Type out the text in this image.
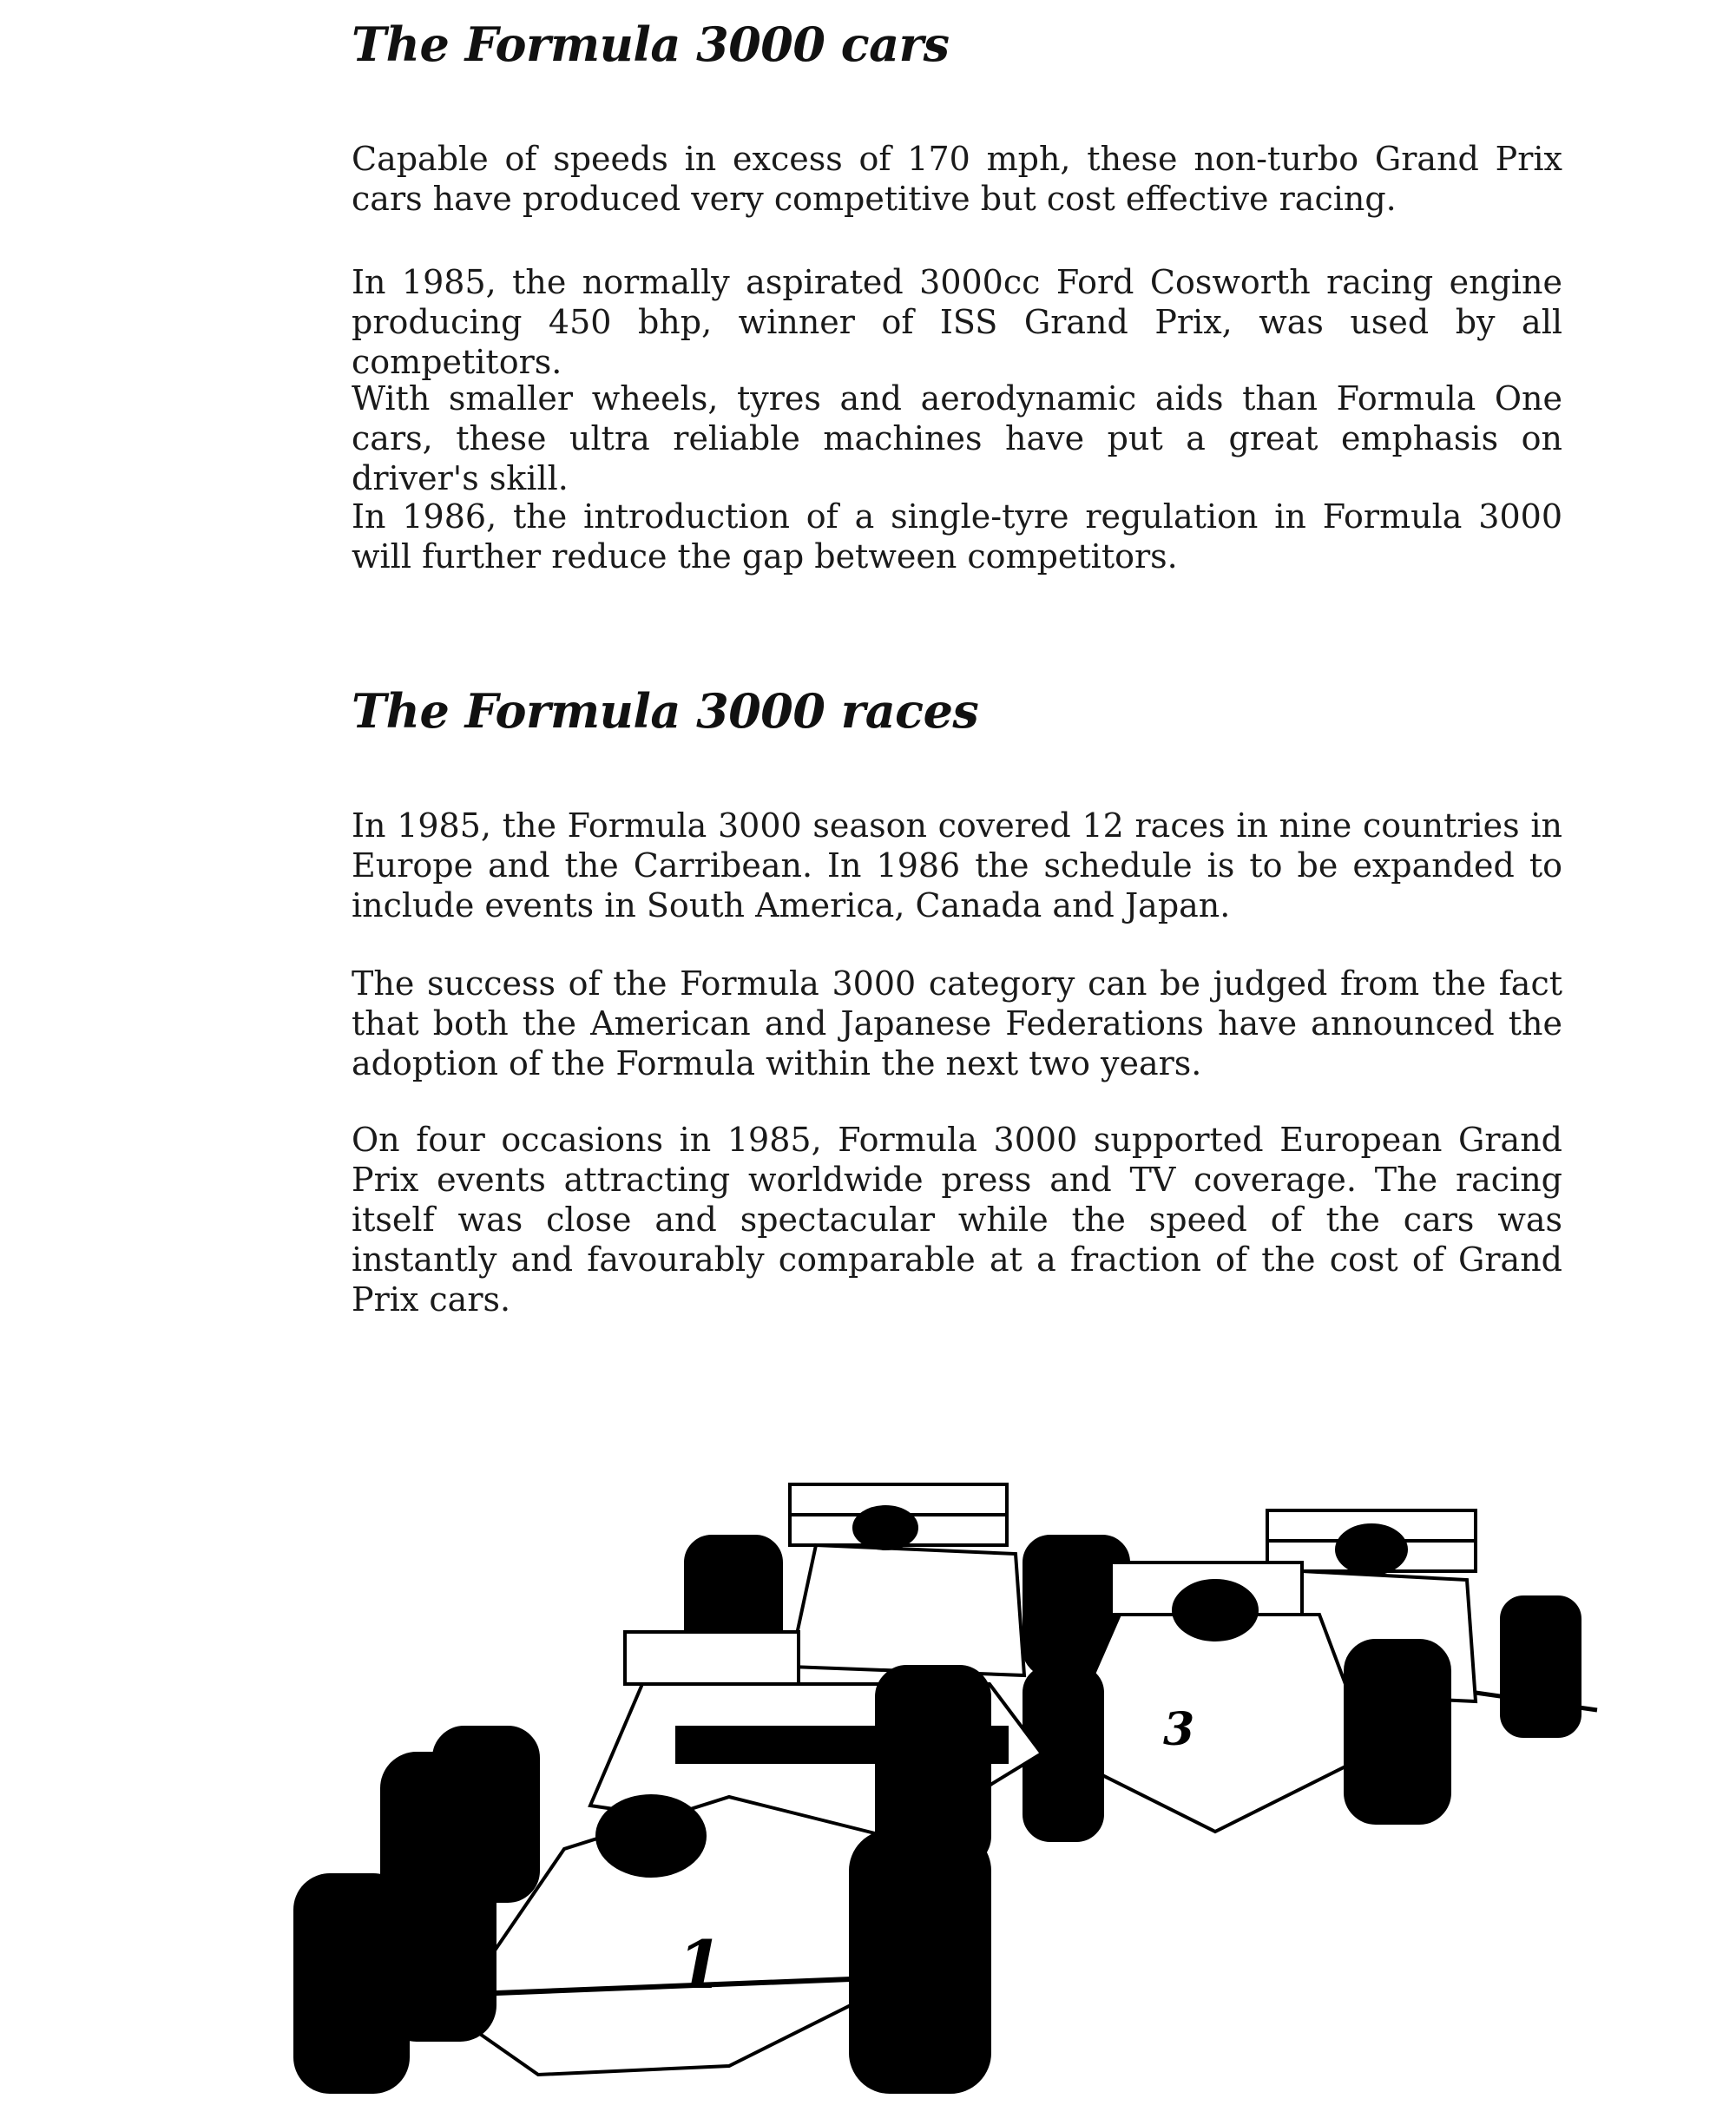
The Formula 3000 cars

Capable of speeds in excess of 170 mph, these non-turbo Grand Prix cars have produced very competitive but cost effective racing.

In 1985, the normally aspirated 3000cc Ford Cosworth racing engine producing 450 bhp, winner of ISS Grand Prix, was used by all competitors.

With smaller wheels, tyres and aerodynamic aids than Formula One cars, these ultra reliable machines have put a great emphasis on driver's skill.

In 1986, the introduction of a single-tyre regulation in Formula 3000 will further reduce the gap between competitors.

The Formula 3000 races

In 1985, the Formula 3000 season covered 12 races in nine countries in Europe and the Carribean. In 1986 the schedule is to be expanded to include events in South America, Canada and Japan.

The success of the Formula 3000 category can be judged from the fact that both the American and Japanese Federations have announced the adoption of the Formula within the next two years.

On four occasions in 1985, Formula 3000 supported European Grand Prix events attracting worldwide press and TV coverage. The racing itself was close and spectacular while the speed of the cars was instantly and favourably comparable at a fraction of the cost of Grand Prix cars.

3
1
